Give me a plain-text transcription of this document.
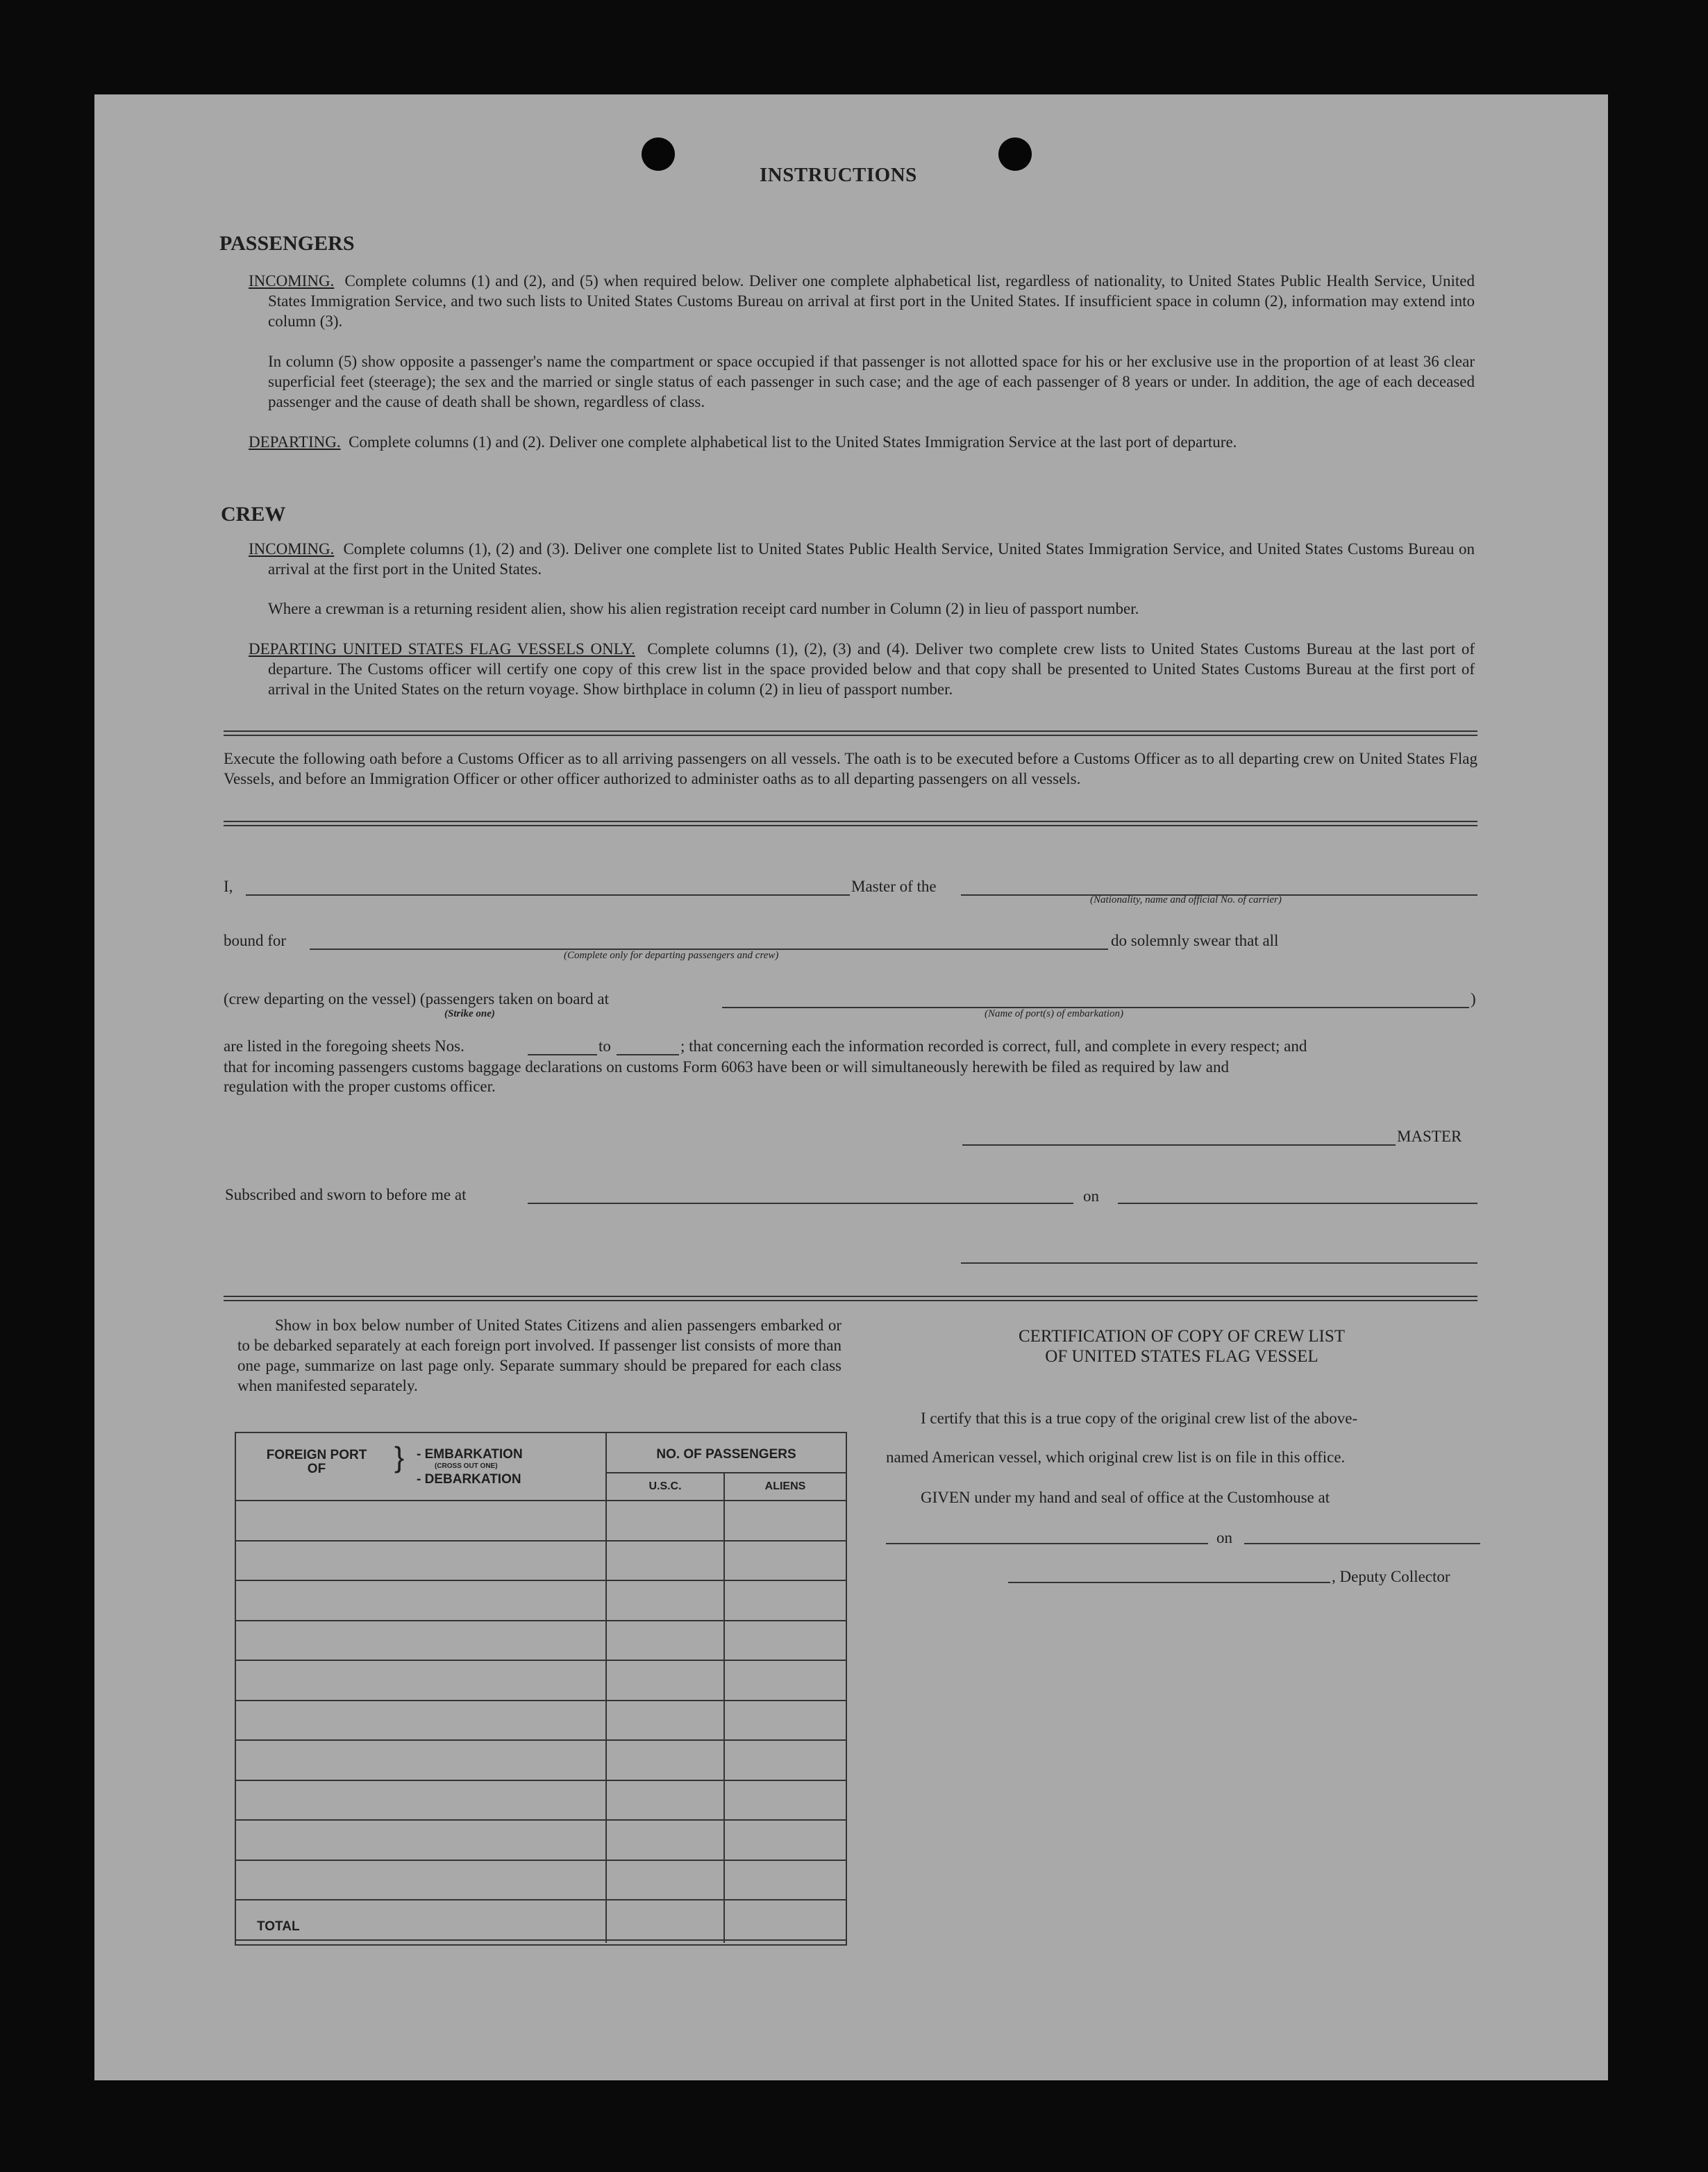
INSTRUCTIONS
PASSENGERS
INCOMING. Complete columns (1) and (2), and (5) when required below. Deliver one complete alphabetical list, regardless of nationality, to United States Public Health Service, United States Immigration Service, and two such lists to United States Customs Bureau on arrival at first port in the United States. If insufficient space in column (2), information may extend into column (3).
In column (5) show opposite a passenger's name the compartment or space occupied if that passenger is not allotted space for his or her exclusive use in the proportion of at least 36 clear superficial feet (steerage); the sex and the married or single status of each passenger in such case; and the age of each passenger of 8 years or under. In addition, the age of each deceased passenger and the cause of death shall be shown, regardless of class.
DEPARTING. Complete columns (1) and (2). Deliver one complete alphabetical list to the United States Immigration Service at the last port of departure.
CREW
INCOMING. Complete columns (1), (2) and (3). Deliver one complete list to United States Public Health Service, United States Immigration Service, and United States Customs Bureau on arrival at the first port in the United States.
Where a crewman is a returning resident alien, show his alien registration receipt card number in Column (2) in lieu of passport number.
DEPARTING UNITED STATES FLAG VESSELS ONLY. Complete columns (1), (2), (3) and (4). Deliver two complete crew lists to United States Customs Bureau at the last port of departure. The Customs officer will certify one copy of this crew list in the space provided below and that copy shall be presented to United States Customs Bureau at the first port of arrival in the United States on the return voyage. Show birthplace in column (2) in lieu of passport number.
Execute the following oath before a Customs Officer as to all arriving passengers on all vessels. The oath is to be executed before a Customs Officer as to all departing crew on United States Flag Vessels, and before an Immigration Officer or other officer authorized to administer oaths as to all departing passengers on all vessels.
I,	Master of the
(Nationality, name and official No. of carrier)
bound for
(Complete only for departing passengers and crew)
do solemnly swear that all
(crew departing on the vessel) (passengers taken on board at	)
(Strike one)	(Name of port(s) of embarkation)
are listed in the foregoing sheets Nos.	to	; that concerning each the information recorded is correct, full, and complete in every respect; and
that for incoming passengers customs baggage declarations on customs Form 6063 have been or will simultaneously herewith be filed as required by law and
regulation with the proper customs officer.
MASTER
Subscribed and sworn to before me at	on
Show in box below number of United States Citizens and alien passengers embarked or to be debarked separately at each foreign port involved. If passenger list consists of more than one page, summarize on last page only. Separate summary should be prepared for each class when manifested separately.
FOREIGN PORT OF	} - EMBARKATION
(CROSS OUT ONE)
- DEBARKATION
NO. OF PASSENGERS
U.S.C.	ALIENS
TOTAL
CERTIFICATION OF COPY OF CREW LIST
OF UNITED STATES FLAG VESSEL
I certify that this is a true copy of the original crew list of the above-
named American vessel, which original crew list is on file in this office.
GIVEN under my hand and seal of office at the Customhouse at
on
, Deputy Collector
